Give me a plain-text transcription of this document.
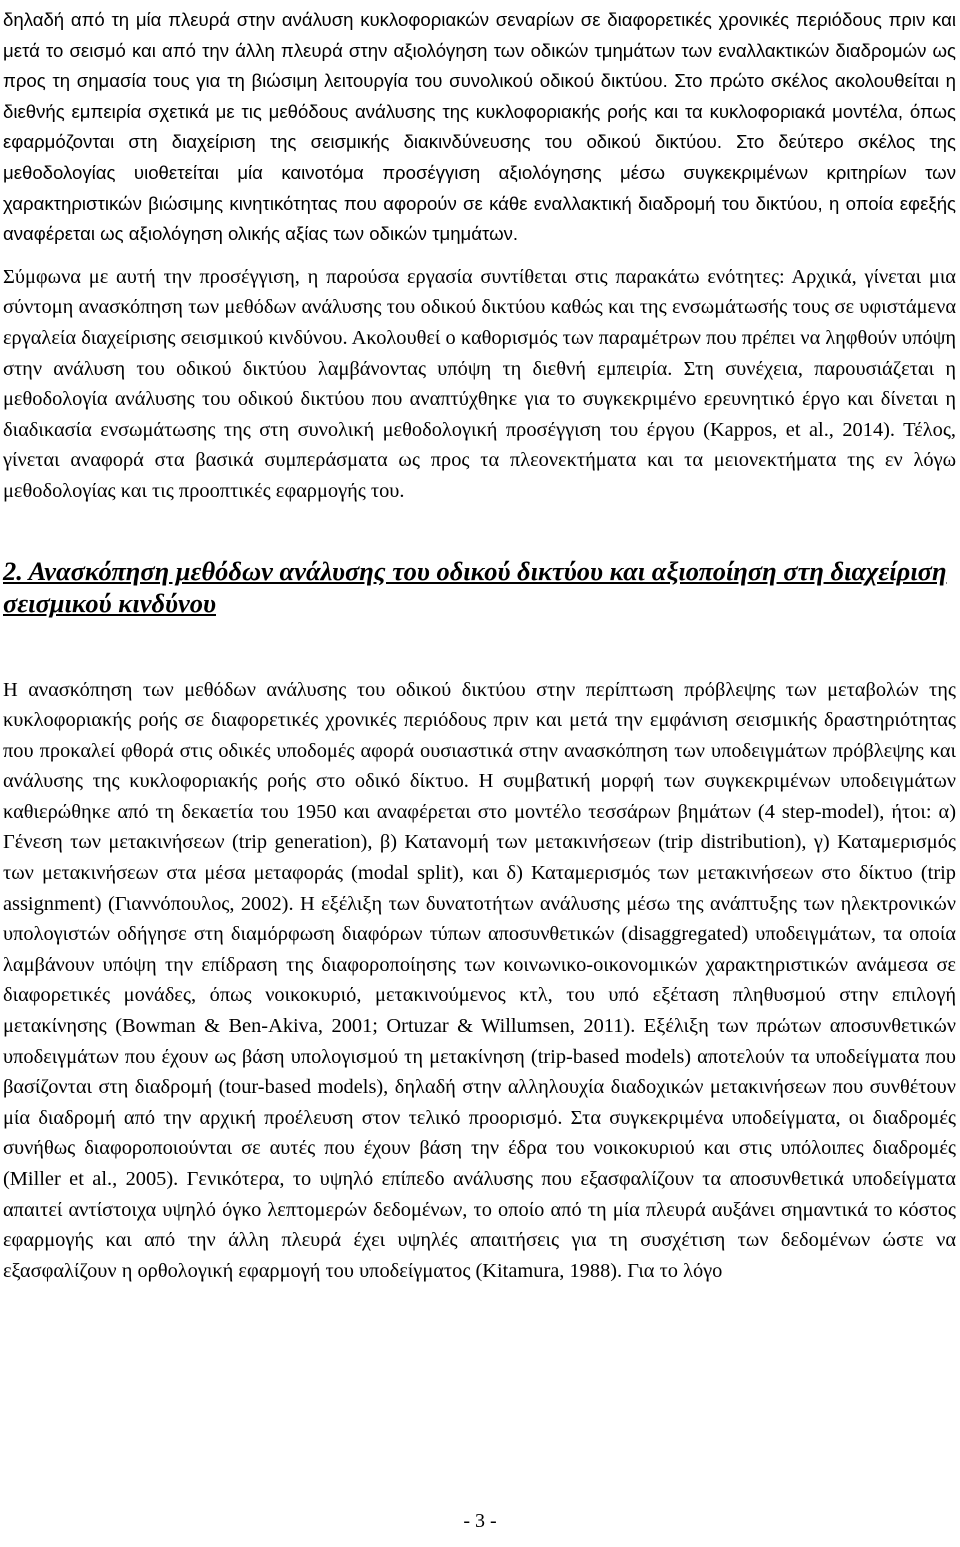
δηλαδή από τη μία πλευρά στην ανάλυση κυκλοφοριακών σεναρίων σε διαφορετικές χρονικές περιόδους πριν και μετά το σεισμό και από την άλλη πλευρά στην αξιολόγηση των οδικών τμημάτων των εναλλακτικών διαδρομών ως προς τη σημασία τους για τη βιώσιμη λειτουργία του συνολικού οδικού δικτύου. Στο πρώτο σκέλος ακολουθείται η διεθνής εμπειρία σχετικά με τις μεθόδους ανάλυσης της κυκλοφοριακής ροής και τα κυκλοφοριακά μοντέλα, όπως εφαρμόζονται στη διαχείριση της σεισμικής διακινδύνευσης του οδικού δικτύου. Στο δεύτερο σκέλος της μεθοδολογίας υιοθετείται μία καινοτόμα προσέγγιση αξιολόγησης μέσω συγκεκριμένων κριτηρίων των χαρακτηριστικών βιώσιμης κινητικότητας που αφορούν σε κάθε εναλλακτική διαδρομή του δικτύου, η οποία εφεξής αναφέρεται ως αξιολόγηση ολικής αξίας των οδικών τμημάτων.

Σύμφωνα με αυτή την προσέγγιση, η παρούσα εργασία συντίθεται στις παρακάτω ενότητες: Αρχικά, γίνεται μια σύντομη ανασκόπηση των μεθόδων ανάλυσης του οδικού δικτύου καθώς και της ενσωμάτωσής τους σε υφιστάμενα εργαλεία διαχείρισης σεισμικού κινδύνου. Ακολουθεί ο καθορισμός των παραμέτρων που πρέπει να ληφθούν υπόψη στην ανάλυση του οδικού δικτύου λαμβάνοντας υπόψη τη διεθνή εμπειρία. Στη συνέχεια, παρουσιάζεται η μεθοδολογία ανάλυσης του οδικού δικτύου που αναπτύχθηκε για το συγκεκριμένο ερευνητικό έργο και δίνεται η διαδικασία ενσωμάτωσης της στη συνολική μεθοδολογική προσέγγιση του έργου (Kappos, et al., 2014). Τέλος, γίνεται αναφορά στα βασικά συμπεράσματα ως προς τα πλεονεκτήματα και τα μειονεκτήματα της εν λόγω μεθοδολογίας και τις προοπτικές εφαρμογής του.

2. Ανασκόπηση μεθόδων ανάλυσης του οδικού δικτύου και αξιοποίηση στη διαχείριση σεισμικού κινδύνου

Η ανασκόπηση των μεθόδων ανάλυσης του οδικού δικτύου στην περίπτωση πρόβλεψης των μεταβολών της κυκλοφοριακής ροής σε διαφορετικές χρονικές περιόδους πριν και μετά την εμφάνιση σεισμικής δραστηριότητας που προκαλεί φθορά στις οδικές υποδομές αφορά ουσιαστικά στην ανασκόπηση των υποδειγμάτων πρόβλεψης και ανάλυσης της κυκλοφοριακής ροής στο οδικό δίκτυο. Η συμβατική μορφή των συγκεκριμένων υποδειγμάτων καθιερώθηκε από τη δεκαετία του 1950 και αναφέρεται στο μοντέλο τεσσάρων βημάτων (4 step-model), ήτοι: α) Γένεση των μετακινήσεων (trip generation), β) Κατανομή των μετακινήσεων (trip distribution), γ) Καταμερισμός των μετακινήσεων στα μέσα μεταφοράς (modal split), και δ) Καταμερισμός των μετακινήσεων στο δίκτυο (trip assignment) (Γιαννόπουλος, 2002). Η εξέλιξη των δυνατοτήτων ανάλυσης μέσω της ανάπτυξης των ηλεκτρονικών υπολογιστών οδήγησε στη διαμόρφωση διαφόρων τύπων αποσυνθετικών (disaggregated) υποδειγμάτων, τα οποία λαμβάνουν υπόψη την επίδραση της διαφοροποίησης των κοινωνικο-οικονομικών χαρακτηριστικών ανάμεσα σε διαφορετικές μονάδες, όπως νοικοκυριό, μετακινούμενος κτλ, του υπό εξέταση πληθυσμού στην επιλογή μετακίνησης (Bowman & Ben-Akiva, 2001; Ortuzar & Willumsen, 2011). Εξέλιξη των πρώτων αποσυνθετικών υποδειγμάτων που έχουν ως βάση υπολογισμού τη μετακίνηση (trip-based models) αποτελούν τα υποδείγματα που βασίζονται στη διαδρομή (tour-based models), δηλαδή στην αλληλουχία διαδοχικών μετακινήσεων που συνθέτουν μία διαδρομή από την αρχική προέλευση στον τελικό προορισμό. Στα συγκεκριμένα υποδείγματα, οι διαδρομές συνήθως διαφοροποιούνται σε αυτές που έχουν βάση την έδρα του νοικοκυριού και στις υπόλοιπες διαδρομές (Miller et al., 2005). Γενικότερα, το υψηλό επίπεδο ανάλυσης που εξασφαλίζουν τα αποσυνθετικά υποδείγματα απαιτεί αντίστοιχα υψηλό όγκο λεπτομερών δεδομένων, το οποίο από τη μία πλευρά αυξάνει σημαντικά το κόστος εφαρμογής και από την άλλη πλευρά έχει υψηλές απαιτήσεις για τη συσχέτιση των δεδομένων ώστε να εξασφαλίζουν η ορθολογική εφαρμογή του υποδείγματος (Kitamura, 1988). Για το λόγο

- 3 -
